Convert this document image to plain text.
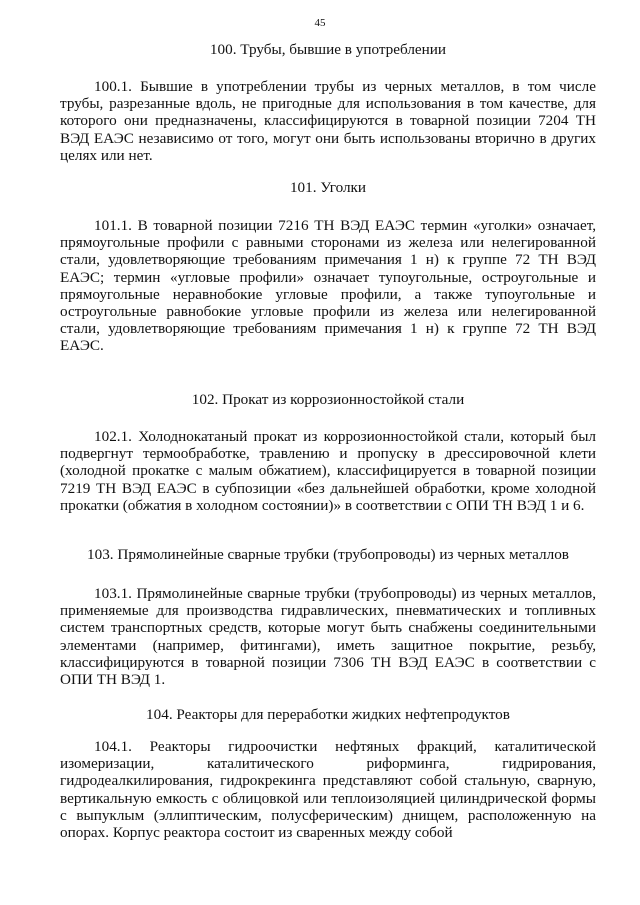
45
100. Трубы, бывшие в употреблении
100.1. Бывшие в употреблении трубы из черных металлов, в том числе трубы, разрезанные вдоль, не пригодные для использования в том качестве, для которого они предназначены, классифицируются в товарной позиции 7204 ТН ВЭД ЕАЭС независимо от того, могут они быть использованы вторично в других целях или нет.
101. Уголки
101.1. В товарной позиции 7216 ТН ВЭД ЕАЭС термин «уголки» означает, прямоугольные профили с равными сторонами из железа или нелегированной стали, удовлетворяющие требованиям примечания 1 н) к группе 72 ТН ВЭД ЕАЭС; термин «угловые профили» означает тупоугольные, остроугольные и прямоугольные неравнобокие угловые профили, а также тупоугольные и остроугольные равнобокие угловые профили из железа или нелегированной стали, удовлетворяющие требованиям примечания 1 н) к группе 72 ТН ВЭД ЕАЭС.
102. Прокат из коррозионностойкой стали
102.1. Холоднокатаный прокат из коррозионностойкой стали, который был подвергнут термообработке, травлению и пропуску в дрессировочной клети (холодной прокатке с малым обжатием), классифицируется в товарной позиции 7219 ТН ВЭД ЕАЭС в субпозиции «без дальнейшей обработки, кроме холодной прокатки (обжатия в холодном состоянии)» в соответствии с ОПИ ТН ВЭД 1 и 6.
103. Прямолинейные сварные трубки (трубопроводы) из черных металлов
103.1. Прямолинейные сварные трубки (трубопроводы) из черных металлов, применяемые для производства гидравлических, пневматических и топливных систем транспортных средств, которые могут быть снабжены соединительными элементами (например, фитингами), иметь защитное покрытие, резьбу, классифицируются в товарной позиции 7306 ТН ВЭД ЕАЭС в соответствии с ОПИ ТН ВЭД 1.
104. Реакторы для переработки жидких нефтепродуктов
104.1. Реакторы гидроочистки нефтяных фракций, каталитической изомеризации, каталитического риформинга, гидрирования, гидродеалкилирования, гидрокрекинга представляют собой стальную, сварную, вертикальную емкость с облицовкой или теплоизоляцией цилиндрической формы с выпуклым (эллиптическим, полусферическим) днищем, расположенную на опорах. Корпус реактора состоит из сваренных между собой
